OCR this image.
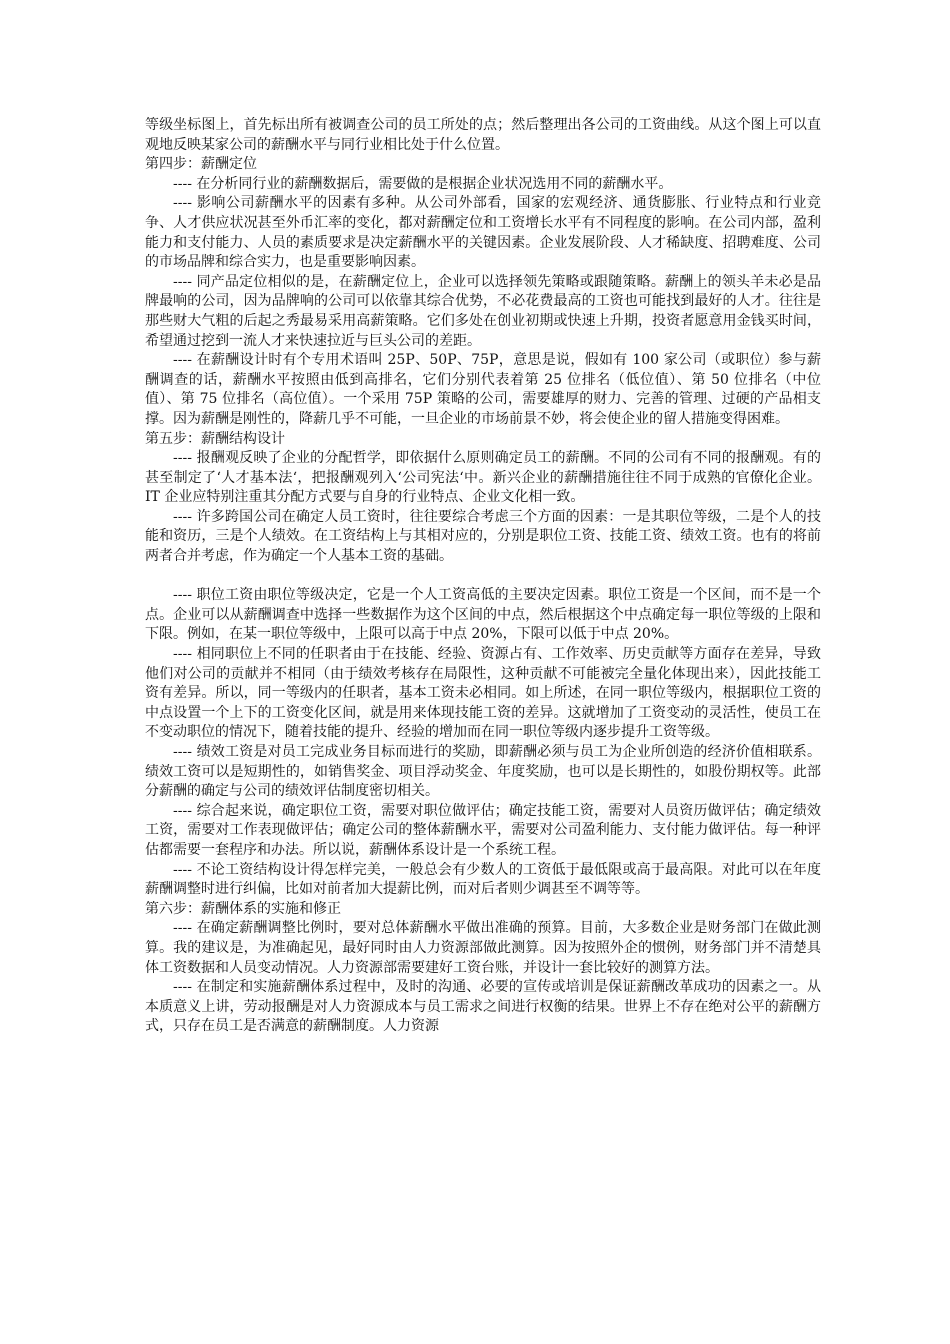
等级坐标图上，首先标出所有被调查公司的员工所处的点；然后整理出各公司的工资曲线。从这个图上可以直观地反映某家公司的薪酬水平与同行业相比处于什么位置。

第四步：薪酬定位

---- 在分析同行业的薪酬数据后，需要做的是根据企业状况选用不同的薪酬水平。

---- 影响公司薪酬水平的因素有多种。从公司外部看，国家的宏观经济、通货膨胀、行业特点和行业竞争、人才供应状况甚至外币汇率的变化，都对薪酬定位和工资增长水平有不同程度的影响。在公司内部，盈利能力和支付能力、人员的素质要求是决定薪酬水平的关键因素。企业发展阶段、人才稀缺度、招聘难度、公司的市场品牌和综合实力，也是重要影响因素。

---- 同产品定位相似的是，在薪酬定位上，企业可以选择领先策略或跟随策略。薪酬上的领头羊未必是品牌最响的公司，因为品牌响的公司可以依靠其综合优势，不必花费最高的工资也可能找到最好的人才。往往是那些财大气粗的后起之秀最易采用高薪策略。它们多处在创业初期或快速上升期，投资者愿意用金钱买时间，希望通过挖到一流人才来快速拉近与巨头公司的差距。

---- 在薪酬设计时有个专用术语叫 25P、50P、75P，意思是说，假如有 100 家公司（或职位）参与薪酬调查的话，薪酬水平按照由低到高排名，它们分别代表着第 25 位排名（低位值）、第 50 位排名（中位值）、第 75 位排名（高位值）。一个采用 75P 策略的公司，需要雄厚的财力、完善的管理、过硬的产品相支撑。因为薪酬是刚性的，降薪几乎不可能，一旦企业的市场前景不妙，将会使企业的留人措施变得困难。

第五步：薪酬结构设计

---- 报酬观反映了企业的分配哲学，即依据什么原则确定员工的薪酬。不同的公司有不同的报酬观。有的甚至制定了‘人才基本法‘，把报酬观列入‘公司宪法‘中。新兴企业的薪酬措施往往不同于成熟的官僚化企业。IT 企业应特别注重其分配方式要与自身的行业特点、企业文化相一致。

---- 许多跨国公司在确定人员工资时，往往要综合考虑三个方面的因素：一是其职位等级，二是个人的技能和资历，三是个人绩效。在工资结构上与其相对应的，分别是职位工资、技能工资、绩效工资。也有的将前两者合并考虑，作为确定一个人基本工资的基础。

---- 职位工资由职位等级决定，它是一个人工资高低的主要决定因素。职位工资是一个区间，而不是一个点。企业可以从薪酬调查中选择一些数据作为这个区间的中点，然后根据这个中点确定每一职位等级的上限和下限。例如，在某一职位等级中，上限可以高于中点 20%，下限可以低于中点 20%。

---- 相同职位上不同的任职者由于在技能、经验、资源占有、工作效率、历史贡献等方面存在差异，导致他们对公司的贡献并不相同（由于绩效考核存在局限性，这种贡献不可能被完全量化体现出来），因此技能工资有差异。所以，同一等级内的任职者，基本工资未必相同。如上所述，在同一职位等级内，根据职位工资的中点设置一个上下的工资变化区间，就是用来体现技能工资的差异。这就增加了工资变动的灵活性，使员工在不变动职位的情况下，随着技能的提升、经验的增加而在同一职位等级内逐步提升工资等级。

---- 绩效工资是对员工完成业务目标而进行的奖励，即薪酬必须与员工为企业所创造的经济价值相联系。绩效工资可以是短期性的，如销售奖金、项目浮动奖金、年度奖励，也可以是长期性的，如股份期权等。此部分薪酬的确定与公司的绩效评估制度密切相关。

---- 综合起来说，确定职位工资，需要对职位做评估；确定技能工资，需要对人员资历做评估；确定绩效工资，需要对工作表现做评估；确定公司的整体薪酬水平，需要对公司盈利能力、支付能力做评估。每一种评估都需要一套程序和办法。所以说，薪酬体系设计是一个系统工程。

---- 不论工资结构设计得怎样完美，一般总会有少数人的工资低于最低限或高于最高限。对此可以在年度薪酬调整时进行纠偏，比如对前者加大提薪比例，而对后者则少调甚至不调等等。

第六步：薪酬体系的实施和修正

---- 在确定薪酬调整比例时，要对总体薪酬水平做出准确的预算。目前，大多数企业是财务部门在做此测算。我的建议是，为准确起见，最好同时由人力资源部做此测算。因为按照外企的惯例，财务部门并不清楚具体工资数据和人员变动情况。人力资源部需要建好工资台账，并设计一套比较好的测算方法。

---- 在制定和实施薪酬体系过程中，及时的沟通、必要的宣传或培训是保证薪酬改革成功的因素之一。从本质意义上讲，劳动报酬是对人力资源成本与员工需求之间进行权衡的结果。世界上不存在绝对公平的薪酬方式，只存在员工是否满意的薪酬制度。人力资源
